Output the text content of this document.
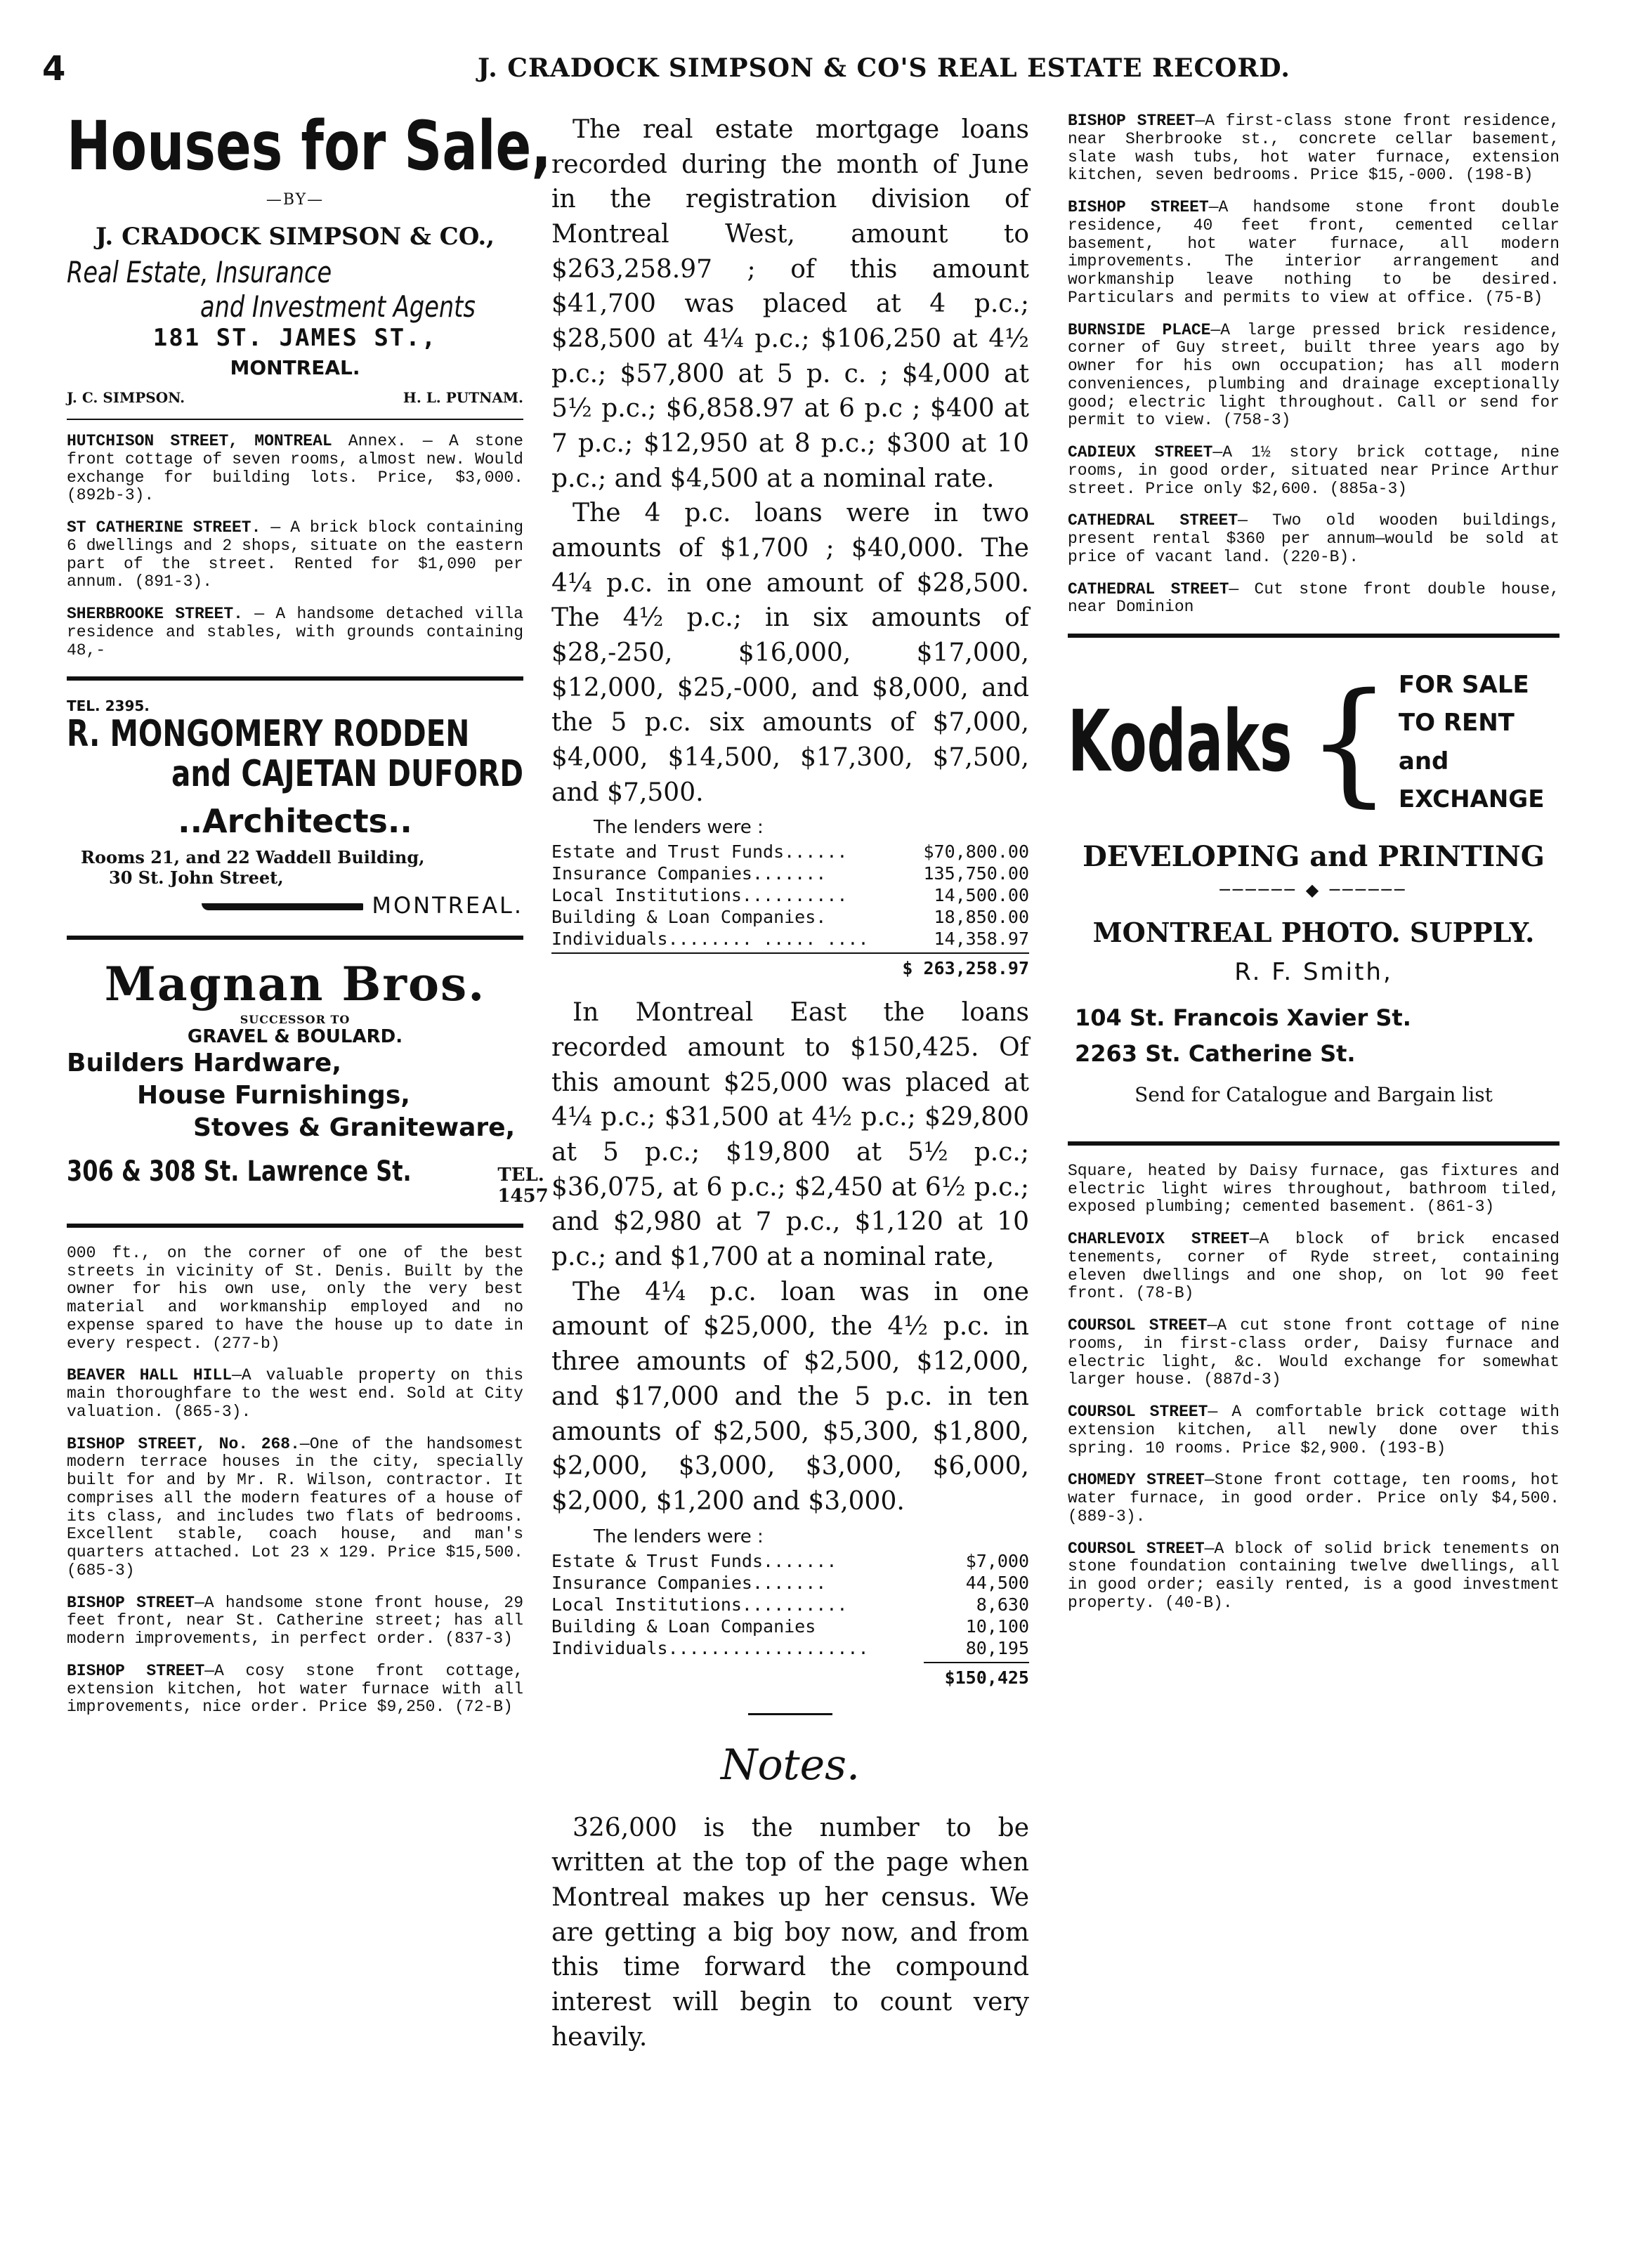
4	J. CRADOCK SIMPSON & CO'S REAL ESTATE RECORD.
Houses for Sale,
—BY—
J. CRADOCK SIMPSON & CO.,
Real Estate, Insurance
and Investment Agents
181 ST. JAMES ST.,
MONTREAL.
J. C. SIMPSON.	H. L. PUTNAM.

HUTCHISON STREET, MONTREAL Annex. — A stone front cottage of seven rooms, almost new. Would exchange for building lots. Price, $3,000. (892b-3).

ST CATHERINE STREET. — A brick block containing 6 dwellings and 2 shops, situate on the eastern part of the street. Rented for $1,090 per annum. (891-3).

SHERBROOKE STREET. — A handsome detached villa residence and stables, with grounds containing 48,-

TEL. 2395.
R. MONGOMERY RODDEN
and CAJETAN DUFORD
..Architects..
Rooms 21, and 22 Waddell Building,
30 St. John Street,
MONTREAL.
Magnan Bros.
SUCCESSOR TO
GRAVEL & BOULARD.
Builders Hardware,
House Furnishings,
Stoves & Graniteware,
306 & 308 St. Lawrence St.	TEL. 1457

000 ft., on the corner of one of the best streets in vicinity of St. Denis. Built by the owner for his own use, only the very best material and workmanship employed and no expense spared to have the house up to date in every respect. (277-b)

BEAVER HALL HILL—A valuable property on this main thoroughfare to the west end. Sold at City valuation. (865-3).

BISHOP STREET, No. 268.—One of the handsomest modern terrace houses in the city, specially built for and by Mr. R. Wilson, contractor. It comprises all the modern features of a house of its class, and includes two flats of bedrooms. Excellent stable, coach house, and man's quarters attached. Lot 23 x 129. Price $15,500. (685-3)

BISHOP STREET—A handsome stone front house, 29 feet front, near St. Catherine street; has all modern improvements, in perfect order. (837-3)

BISHOP STREET—A cosy stone front cottage, extension kitchen, hot water furnace with all improvements, nice order. Price $9,250. (72-B)

The real estate mortgage loans recorded during the month of June in the registration division of Montreal West, amount to $263,258.97 ; of this amount $41,700 was placed at 4 p.c.; $28,500 at 4¼ p.c.; $106,250 at 4½ p.c.; $57,800 at 5 p. c. ; $4,000 at 5½ p.c.; $6,858.97 at 6 p.c ; $400 at 7 p.c.; $12,950 at 8 p.c.; $300 at 10 p.c.; and $4,500 at a nominal rate.

The 4 p.c. loans were in two amounts of $1,700 ; $40,000. The 4¼ p.c. in one amount of $28,500. The 4½ p.c.; in six amounts of $28,-250, $16,000, $17,000, $12,000, $25,-000, and $8,000, and the 5 p.c. six amounts of $7,000, $4,000, $14,500, $17,300, $7,500, and $7,500.

The lenders were :
Estate and Trust Funds......	$70,800.00
Insurance Companies.......	135,750.00
Local Institutions..........	14,500.00
Building & Loan Companies.	18,850.00
Individuals........ ..... ....	14,358.97
$ 263,258.97

In Montreal East the loans recorded amount to $150,425. Of this amount $25,000 was placed at 4¼ p.c.; $31,500 at 4½ p.c.; $29,800 at 5 p.c.; $19,800 at 5½ p.c.; $36,075, at 6 p.c.; $2,450 at 6½ p.c.; and $2,980 at 7 p.c., $1,120 at 10 p.c.; and $1,700 at a nominal rate,

The 4¼ p.c. loan was in one amount of $25,000, the 4½ p.c. in three amounts of $2,500, $12,000, and $17,000 and the 5 p.c. in ten amounts of $2,500, $5,300, $1,800, $2,000, $3,000, $3,000, $6,000, $2,000, $1,200 and $3,000.

The lenders were :
Estate & Trust Funds.......	$7,000
Insurance Companies.......	44,500
Local Institutions..........	8,630
Building & Loan Companies	10,100
Individuals...................	80,195
$150,425
Notes.

326,000 is the number to be written at the top of the page when Montreal makes up her census. We are getting a big boy now, and from this time forward the compound interest will begin to count very heavily.

BISHOP STREET—A first-class stone front residence, near Sherbrooke st., concrete cellar basement, slate wash tubs, hot water furnace, extension kitchen, seven bedrooms. Price $15,-000. (198-B)

BISHOP STREET—A handsome stone front double residence, 40 feet front, cemented cellar basement, hot water furnace, all modern improvements. The interior arrangement and workmanship leave nothing to be desired. Particulars and permits to view at office. (75-B)

BURNSIDE PLACE—A large pressed brick residence, corner of Guy street, built three years ago by owner for his own occupation; has all modern conveniences, plumbing and drainage exceptionally good; electric light throughout. Call or send for permit to view. (758-3)

CADIEUX STREET—A 1½ story brick cottage, nine rooms, in good order, situated near Prince Arthur street. Price only $2,600. (885a-3)

CATHEDRAL STREET— Two old wooden buildings, present rental $360 per annum—would be sold at price of vacant land. (220-B).

CATHEDRAL STREET— Cut stone front double house, near Dominion

Kodaks { FOR SALE
TO RENT
and EXCHANGE
DEVELOPING and PRINTING
────── ◆ ──────
MONTREAL PHOTO. SUPPLY.
R. F. Smith,
104 St. Francois Xavier St.
2263 St. Catherine St.
Send for Catalogue and Bargain list

Square, heated by Daisy furnace, gas fixtures and electric light wires throughout, bathroom tiled, exposed plumbing; cemented basement. (861-3)

CHARLEVOIX STREET—A block of brick encased tenements, corner of Ryde street, containing eleven dwellings and one shop, on lot 90 feet front. (78-B)

COURSOL STREET—A cut stone front cottage of nine rooms, in first-class order, Daisy furnace and electric light, &c. Would exchange for somewhat larger house. (887d-3)

COURSOL STREET— A comfortable brick cottage with extension kitchen, all newly done over this spring. 10 rooms. Price $2,900. (193-B)

CHOMEDY STREET—Stone front cottage, ten rooms, hot water furnace, in good order. Price only $4,500. (889-3).

COURSOL STREET—A block of solid brick tenements on stone foundation containing twelve dwellings, all in good order; easily rented, is a good investment property. (40-B).
